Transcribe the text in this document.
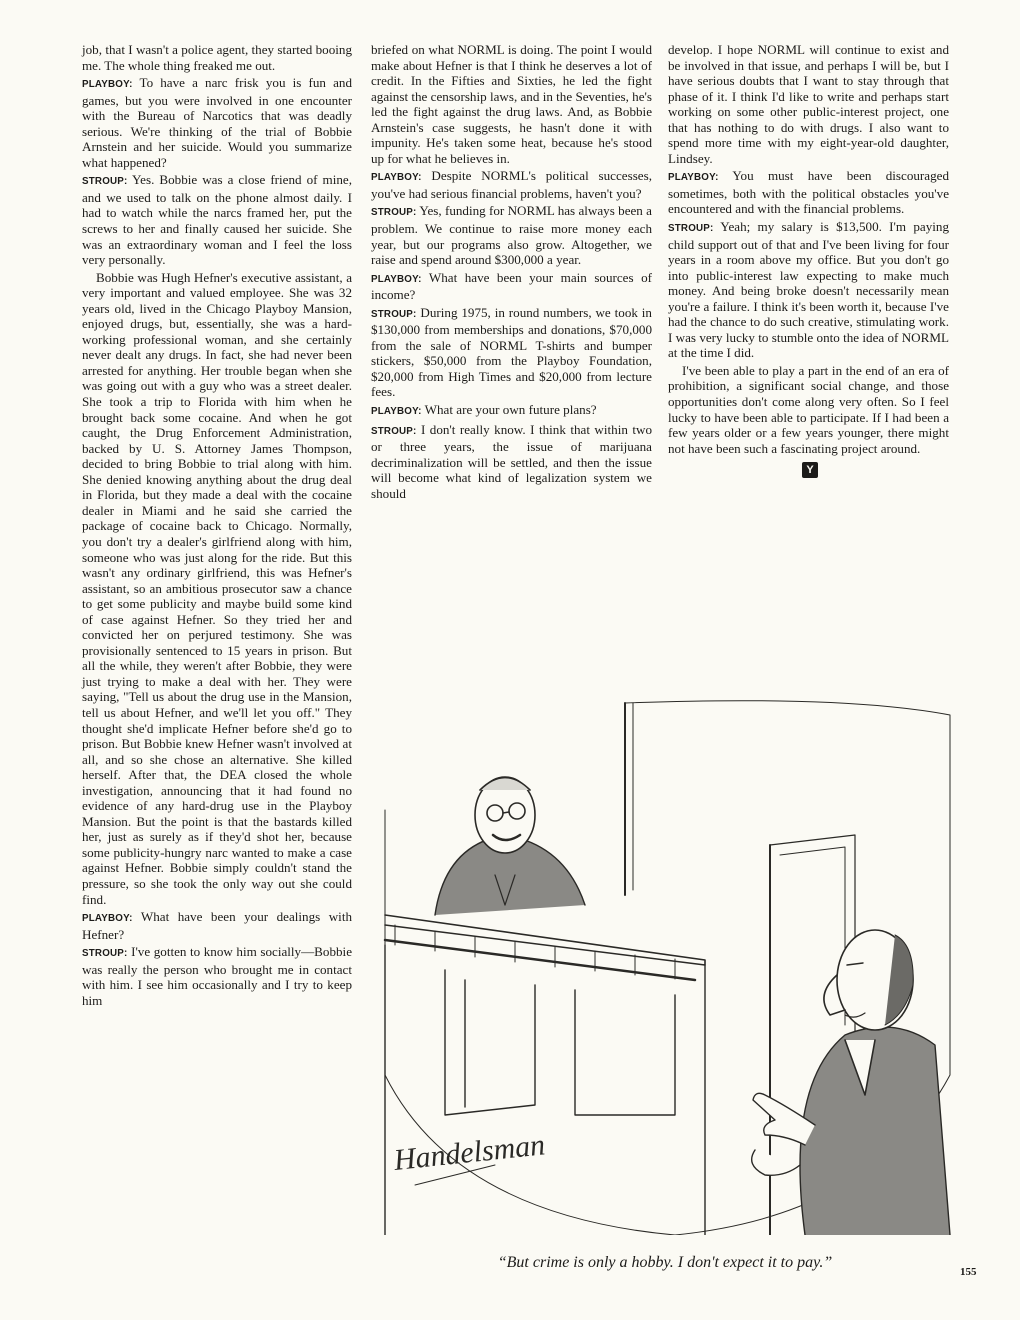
job, that I wasn't a police agent, they started booing me. The whole thing freaked me out.

PLAYBOY: To have a narc frisk you is fun and games, but you were involved in one encounter with the Bureau of Narcotics that was deadly serious. We're thinking of the trial of Bobbie Arnstein and her suicide. Would you summarize what happened?

STROUP: Yes. Bobbie was a close friend of mine, and we used to talk on the phone almost daily. I had to watch while the narcs framed her, put the screws to her and finally caused her suicide. She was an extraordinary woman and I feel the loss very personally.

Bobbie was Hugh Hefner's executive assistant, a very important and valued employee. She was 32 years old, lived in the Chicago Playboy Mansion, enjoyed drugs, but, essentially, she was a hard-working professional woman, and she certainly never dealt any drugs. In fact, she had never been arrested for anything. Her trouble began when she was going out with a guy who was a street dealer. She took a trip to Florida with him when he brought back some cocaine. And when he got caught, the Drug Enforcement Administration, backed by U. S. Attorney James Thompson, decided to bring Bobbie to trial along with him. She denied knowing anything about the drug deal in Florida, but they made a deal with the cocaine dealer in Miami and he said she carried the package of cocaine back to Chicago. Normally, you don't try a dealer's girlfriend along with him, someone who was just along for the ride. But this wasn't any ordinary girlfriend, this was Hefner's assistant, so an ambitious prosecutor saw a chance to get some publicity and maybe build some kind of case against Hefner. So they tried her and convicted her on perjured testimony. She was provisionally sentenced to 15 years in prison. But all the while, they weren't after Bobbie, they were just trying to make a deal with her. They were saying, "Tell us about the drug use in the Mansion, tell us about Hefner, and we'll let you off." They thought she'd implicate Hefner before she'd go to prison. But Bobbie knew Hefner wasn't involved at all, and so she chose an alternative. She killed herself. After that, the DEA closed the whole investigation, announcing that it had found no evidence of any hard-drug use in the Playboy Mansion. But the point is that the bastards killed her, just as surely as if they'd shot her, because some publicity-hungry narc wanted to make a case against Hefner. Bobbie simply couldn't stand the pressure, so she took the only way out she could find.

PLAYBOY: What have been your dealings with Hefner?

STROUP: I've gotten to know him socially—Bobbie was really the person who brought me in contact with him. I see him occasionally and I try to keep him

briefed on what NORML is doing. The point I would make about Hefner is that I think he deserves a lot of credit. In the Fifties and Sixties, he led the fight against the censorship laws, and in the Seventies, he's led the fight against the drug laws. And, as Bobbie Arnstein's case suggests, he hasn't done it with impunity. He's taken some heat, because he's stood up for what he believes in.

PLAYBOY: Despite NORML's political successes, you've had serious financial problems, haven't you?

STROUP: Yes, funding for NORML has always been a problem. We continue to raise more money each year, but our programs also grow. Altogether, we raise and spend around $300,000 a year.

PLAYBOY: What have been your main sources of income?

STROUP: During 1975, in round numbers, we took in $130,000 from memberships and donations, $70,000 from the sale of NORML T-shirts and bumper stickers, $50,000 from the Playboy Foundation, $20,000 from High Times and $20,000 from lecture fees.

PLAYBOY: What are your own future plans?

STROUP: I don't really know. I think that within two or three years, the issue of marijuana decriminalization will be settled, and then the issue will become what kind of legalization system we should

develop. I hope NORML will continue to exist and be involved in that issue, and perhaps I will be, but I have serious doubts that I want to stay through that phase of it. I think I'd like to write and perhaps start working on some other public-interest project, one that has nothing to do with drugs. I also want to spend more time with my eight-year-old daughter, Lindsey.

PLAYBOY: You must have been discouraged sometimes, both with the political obstacles you've encountered and with the financial problems.

STROUP: Yeah; my salary is $13,500. I'm paying child support out of that and I've been living for four years in a room above my office. But you don't go into public-interest law expecting to make much money. And being broke doesn't necessarily mean you're a failure. I think it's been worth it, because I've had the chance to do such creative, stimulating work. I was very lucky to stumble onto the idea of NORML at the time I did.

I've been able to play a part in the end of an era of prohibition, a significant social change, and those opportunities don't come along very often. So I feel lucky to have been able to participate. If I had been a few years older or a few years younger, there might not have been such a fascinating project around.

Y
Handelsman
“But crime is only a hobby. I don't expect it to pay.”
155
